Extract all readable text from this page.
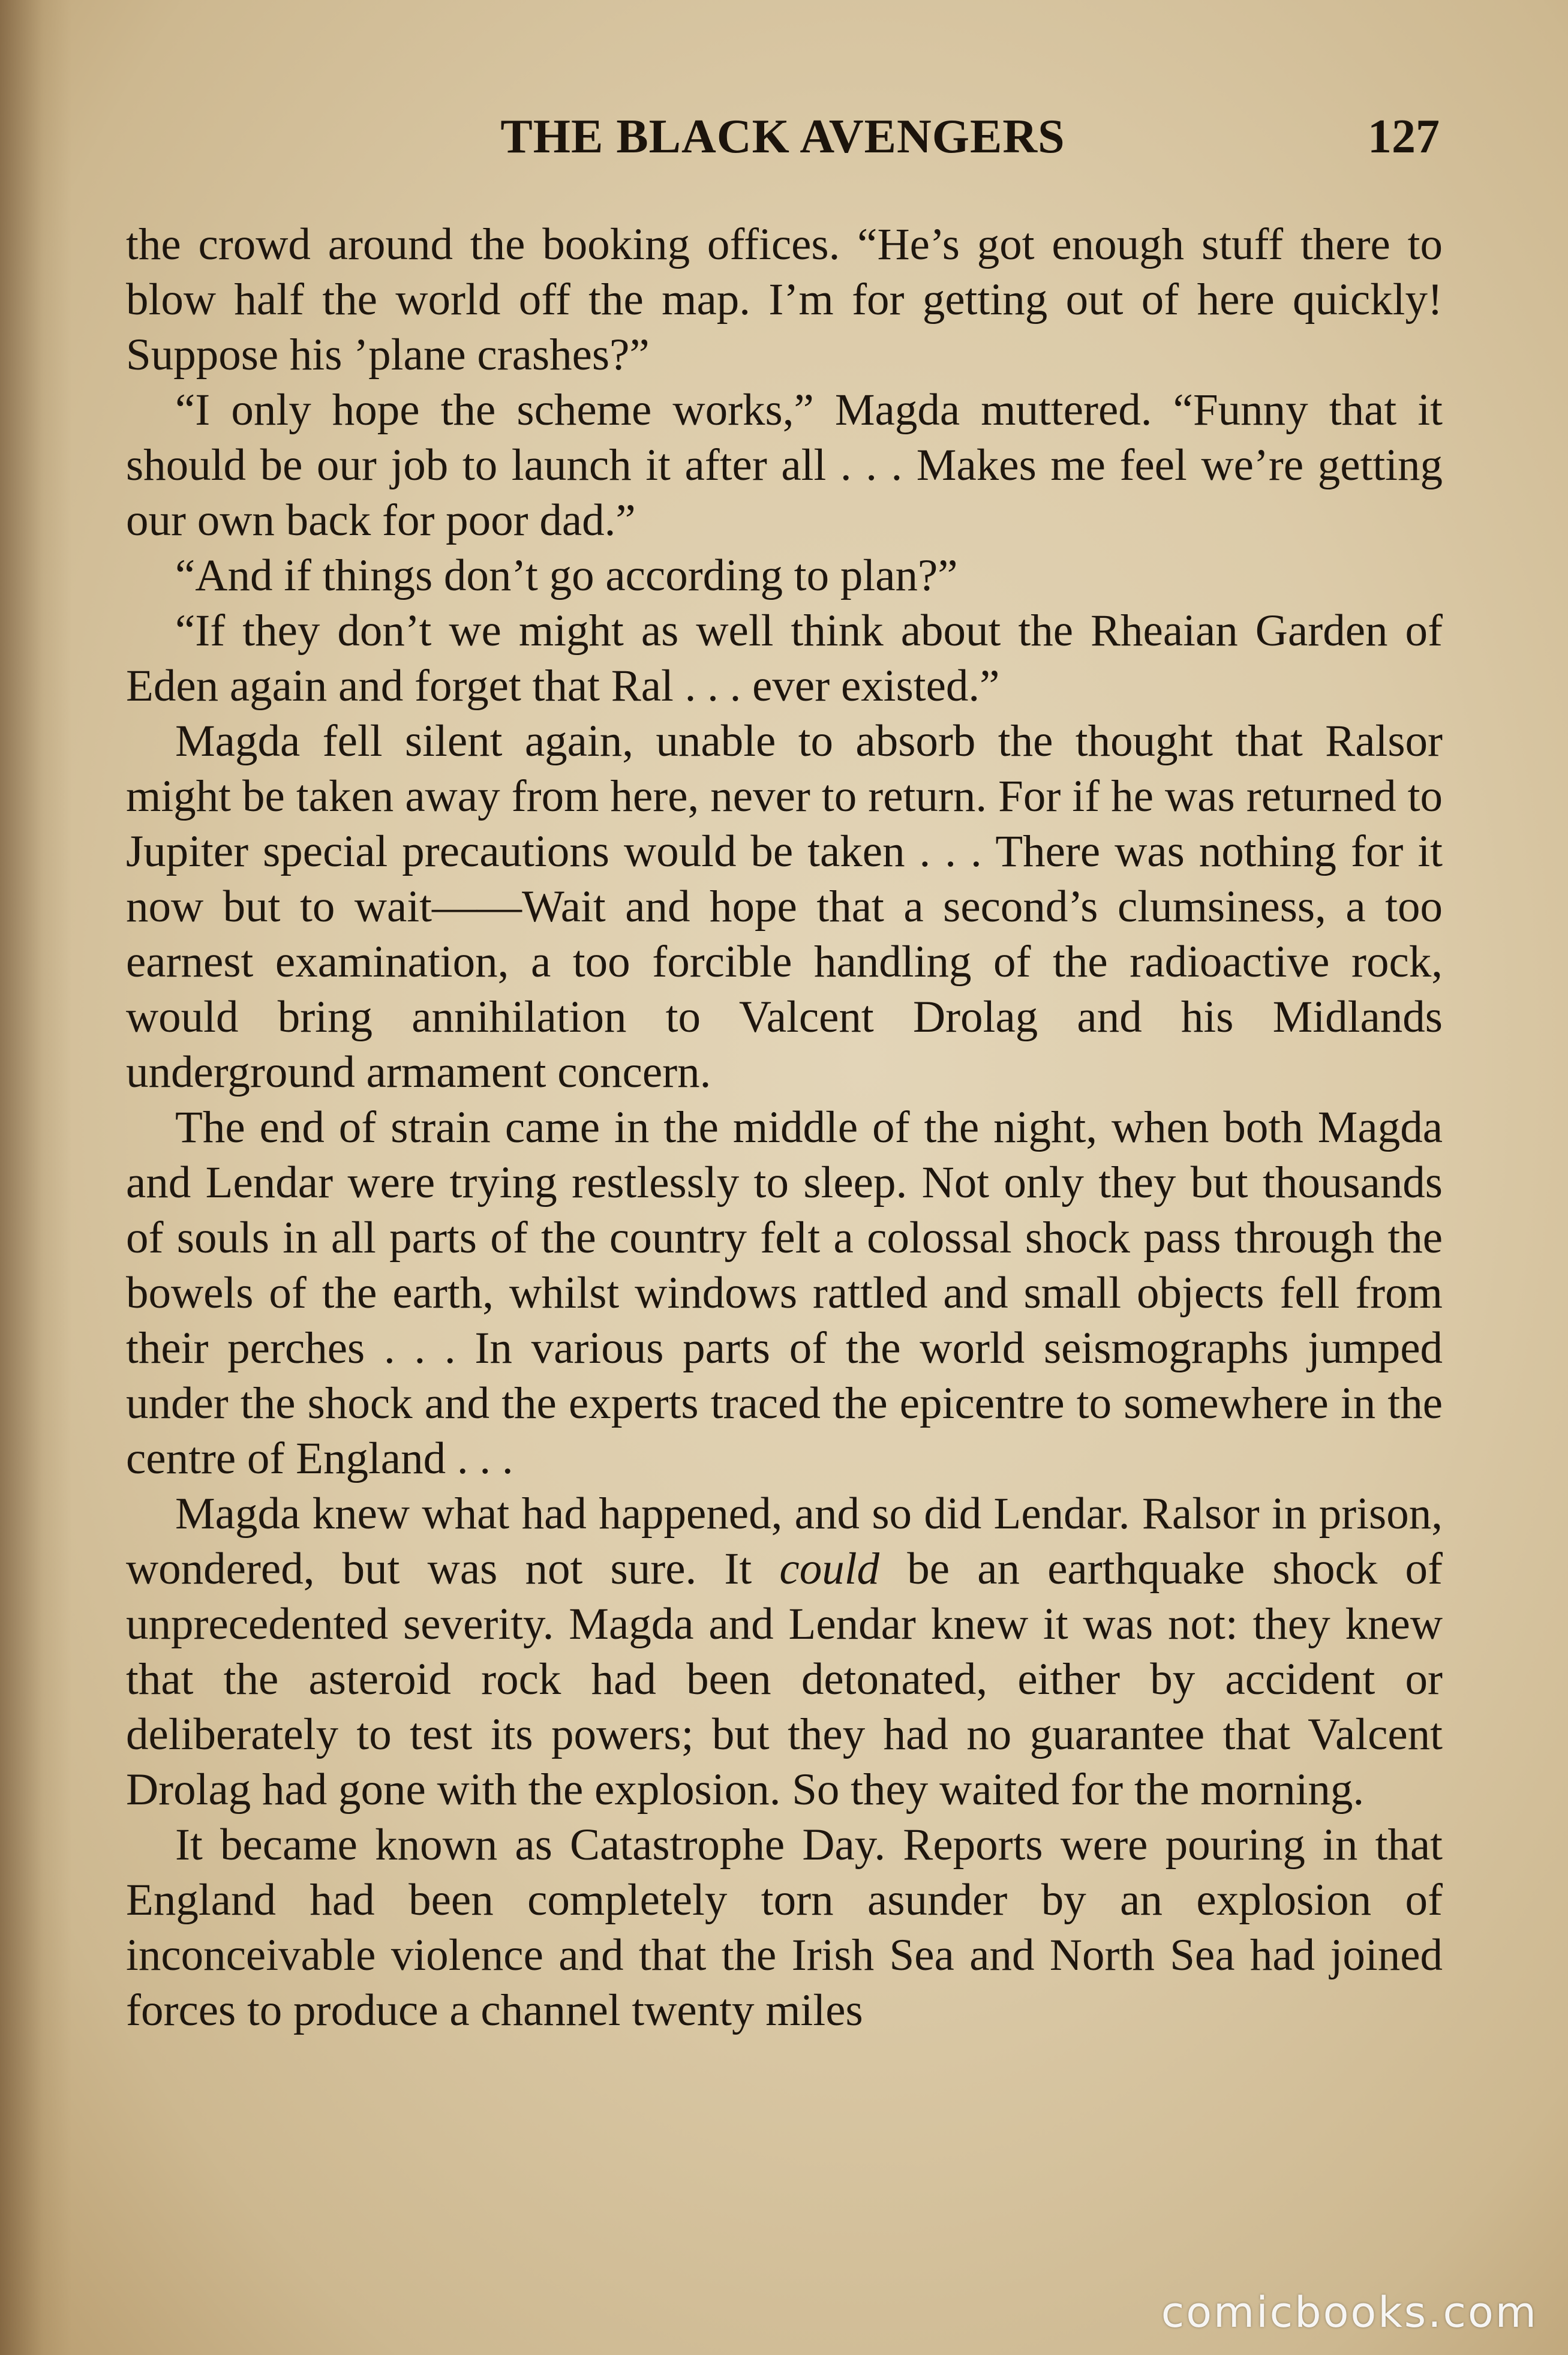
THE BLACK AVENGERS	127

the crowd around the booking offices. “He’s got enough stuff there to blow half the world off the map. I’m for getting out of here quickly! Suppose his ’plane crashes?”

“I only hope the scheme works,” Magda muttered. “Funny that it should be our job to launch it after all . . . Makes me feel we’re getting our own back for poor dad.”

“And if things don’t go according to plan?”

“If they don’t we might as well think about the Rheaian Garden of Eden again and forget that Ral . . . ever existed.”

Magda fell silent again, unable to absorb the thought that Ralsor might be taken away from here, never to return. For if he was returned to Jupiter special precautions would be taken . . . There was nothing for it now but to wait——Wait and hope that a second’s clumsiness, a too earnest examination, a too forcible handling of the radioactive rock, would bring annihilation to Valcent Drolag and his Midlands underground armament concern.

The end of strain came in the middle of the night, when both Magda and Lendar were trying restlessly to sleep. Not only they but thousands of souls in all parts of the country felt a colossal shock pass through the bowels of the earth, whilst windows rattled and small objects fell from their perches . . . In various parts of the world seismographs jumped under the shock and the experts traced the epicentre to somewhere in the centre of England . . .

Magda knew what had happened, and so did Lendar. Ralsor in prison, wondered, but was not sure. It could be an earthquake shock of unprecedented severity. Magda and Lendar knew it was not: they knew that the asteroid rock had been detonated, either by accident or deliberately to test its powers; but they had no guarantee that Valcent Drolag had gone with the explosion. So they waited for the morning.

It became known as Catastrophe Day. Reports were pouring in that England had been completely torn asunder by an explosion of inconceivable violence and that the Irish Sea and North Sea had joined forces to produce a channel twenty miles

comicbooks.com
